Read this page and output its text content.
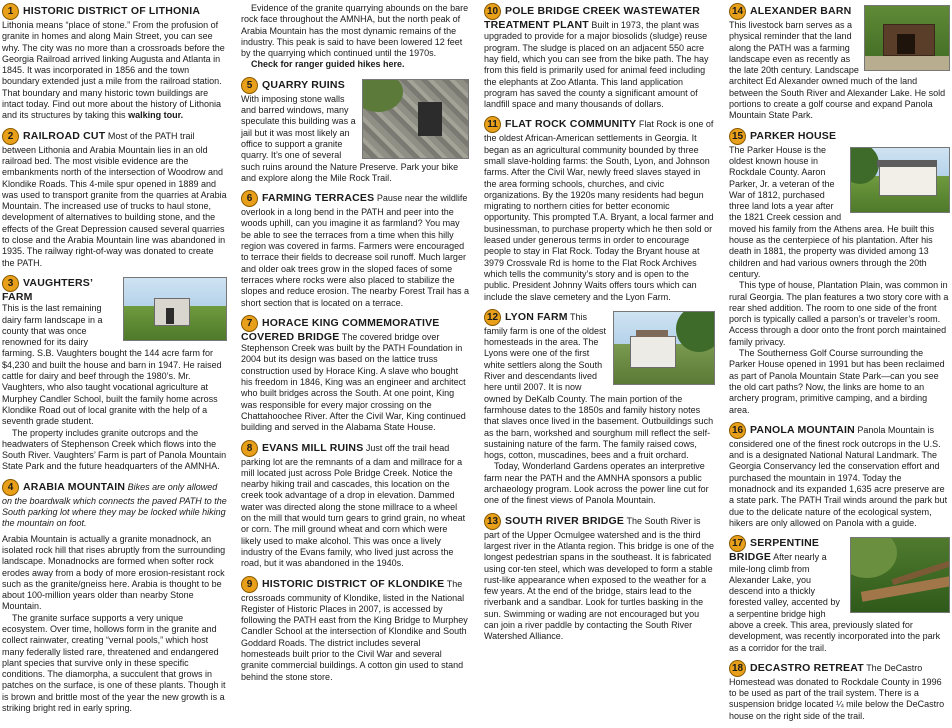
1 HISTORIC DISTRICT OF LITHONIA Lithonia means “place of stone.” From the profusion of granite in homes and along Main Street, you can see why. The city was no more than a crossroads before the Georgia Railroad arrived linking Augusta and Atlanta in 1845. It was incorporated in 1856 and the town boundary extended just a mile from the railroad station. That boundary and many historic town buildings are intact today. Find out more about the history of Lithonia and its structures by taking this walking tour.

2 RAILROAD CUT Most of the PATH trail between Lithonia and Arabia Mountain lies in an old railroad bed. The most visible evidence are the embankments north of the intersection of Woodrow and Klondike Roads. This 4-mile spur opened in 1889 and was used to transport granite from the quarries at Arabia Mountain. The increased use of trucks to haul stone, development of alternatives to building stone, and the effects of the Great Depression caused several quarries to close and the Arabia Mountain line was abandoned in 1935. The railway right-of-way was donated to create the PATH.

3 VAUGHTERS’ FARM
This is the last remaining dairy farm landscape in a county that was once renowned for its dairy farming. S.B. Vaughters bought the 144 acre farm for $4,230 and built the house and barn in 1947. He raised cattle for dairy and beef through the 1980’s. Mr. Vaughters, who also taught vocational agriculture at Murphey Candler School, built the family home across Klondike Road out of local granite with the help of a seventh grade student.

The property includes granite outcrops and the headwaters of Stephenson Creek which flows into the South River. Vaughters’ Farm is part of Panola Mountain State Park and the future headquarters of the AMNHA.

4 ARABIA MOUNTAIN Bikes are only allowed on the boardwalk which connects the paved PATH to the South parking lot where they may be locked while hiking the mountain on foot.

Arabia Mountain is actually a granite monadnock, an isolated rock hill that rises abruptly from the surrounding landscape. Monadnocks are formed when softer rock erodes away from a body of more erosion-resistant rock such as the granite/gneiss here. Arabia is thought to be about 100-million years older than nearby Stone Mountain.

The granite surface supports a very unique ecosystem. Over time, hollows form in the granite and collect rainwater, creating “vernal pools,” which host many federally listed rare, threatened and endangered plant species that survive only in these specific conditions. The diamorpha, a succulent that grows in patches on the surface, is one of these plants. Though it is brown and brittle most of the year the new growth is a striking bright red in early spring.

Evidence of the granite quarrying abounds on the bare rock face throughout the AMNHA, but the north peak of Arabia Mountain has the most dynamic remains of the industry. This peak is said to have been lowered 12 feet by the quarrying which continued until the 1970s.

Check for ranger guided hikes here.

5 QUARRY RUINS With imposing stone walls and barred windows, many speculate this building was a jail but it was most likely an office to support a granite quarry. It’s one of several such ruins around the Nature Preserve. Park your bike and explore along the Mile Rock Trail.

6 FARMING TERRACES Pause near the wildlife overlook in a long bend in the PATH and peer into the woods uphill, can you imagine it as farmland? You may be able to see the terraces from a time when this hilly region was covered in farms. Farmers were encouraged to terrace their fields to decrease soil runoff. Much larger and older oak trees grow in the sloped faces of some terraces where rocks were also placed to stabilize the slopes and reduce erosion. The nearby Forest Trail has a short section that is located on a terrace.

7 HORACE KING COMMEMORATIVE COVERED BRIDGE The covered bridge over Stephenson Creek was built by the PATH Foundation in 2004 but its design was based on the lattice truss construction used by Horace King. A slave who bought his freedom in 1846, King was an engineer and architect who built bridges across the South. At one point, King was responsible for every major crossing on the Chattahoochee River. After the Civil War, King continued building and served in the Alabama State House.

8 EVANS MILL RUINS Just off the trail head parking lot are the remnants of a dam and millrace for a mill located just across Pole Bridge Creek. Notice the nearby hiking trail and cascades, this location on the creek took advantage of a drop in elevation. Dammed water was directed along the stone millrace to a wheel on the mill that would turn gears to grind grain, no wheat or corn. The mill ground wheat and corn which were likely used to make alcohol. This was once a lively industry of the Evans family, who lived just across the road, but it was abandoned in the 1940s.

9 HISTORIC DISTRICT OF KLONDIKE The crossroads community of Klondike, listed in the National Register of Historic Places in 2007, is accessed by following the PATH east from the King Bridge to Murphey Candler School at the intersection of Klondike and South Goddard Roads. The district includes several homesteads built prior to the Civil War and several granite commercial buildings. A cotton gin used to stand behind the stone store.

10 POLE BRIDGE CREEK WASTEWATER TREATMENT PLANT Built in 1973, the plant was upgraded to provide for a major biosolids (sludge) reuse program. The sludge is placed on an adjacent 550 acre hay field, which you can see from the bike path. The hay from this field is primarily used for animal feed including the elephants at Zoo Atlanta. This land application program has saved the county a significant amount of landfill space and many thousands of dollars.

11 FLAT ROCK COMMUNITY Flat Rock is one of the oldest African-American settlements in Georgia. It began as an agricultural community bounded by three small slave-holding farms: the South, Lyon, and Johnson farms. After the Civil War, newly freed slaves stayed in the area forming schools, churches, and civic organizations. By the 1920s many residents had begun migrating to northern cities for better economic opportunity. This prompted T.A. Bryant, a local farmer and businessman, to purchase property which he then sold or leased under generous terms in order to encourage people to stay in Flat Rock. Today the Bryant house at 3979 Crossvale Rd is home to the Flat Rock Archives which tells the community’s story and is open to the public. President Johnny Waits offers tours which can include the slave cemetery and the Lyon Farm.

12 LYON FARM This family farm is one of the oldest homesteads in the area. The Lyons were one of the first white settlers along the South River and descendants lived here until 2007. It is now owned by DeKalb County. The main portion of the farmhouse dates to the 1850s and family history notes that slaves once lived in the basement. Outbuildings such as the barn, workshed and sourghum mill reflect the self-sustaining nature of the farm. The family raised cows, hogs, cotton, muscadines, bees and a fruit orchard.

Today, Wonderland Gardens operates an interpretive farm near the PATH and the AMNHA sponsors a public archaeology program. Look across the power line cut for one of the finest views of Panola Mountain.

13 SOUTH RIVER BRIDGE The South River is part of the Upper Ocmulgee watershed and is the third largest river in the Atlanta region. This bridge is one of the longest pedestrian spans in the southeast. It is fabricated using cor-ten steel, which was developed to form a stable rust-like appearance when exposed to the weather for a few years. At the end of the bridge, stairs lead to the riverbank and a sandbar. Look for turtles basking in the sun. Swimming or wading are not encouraged but you can join a river paddle by contacting the South River Watershed Alliance.

14 ALEXANDER BARN
This livestock barn serves as a physical reminder that the land along the PATH was a farming landscape even as recently as the late 20th century. Landscape architect Ed Alexander owned much of the land between the South River and Alexander Lake. He sold portions to create a golf course and expand Panola Mountain State Park.

15 PARKER HOUSE

The Parker House is the oldest known house in Rockdale County. Aaron Parker, Jr. a veteran of the War of 1812, purchased three land lots a year after the 1821 Creek cession and moved his family from the Athens area. He built this house as the centerpiece of his plantation. After his death in 1881, the property was divided among 13 children and had various owners through the 20th century.

This type of house, Plantation Plain, was common in rural Georgia. The plan features a two story core with a rear shed addition. The room to one side of the front porch is typically called a parson’s or traveler’s room. Access through a door onto the front porch maintained family privacy.

The Southerness Golf Course surrounding the Parker House opened in 1991 but has been reclaimed as part of Panola Mountain State Park—can you see the old cart paths? Now, the links are home to an archery program, primitive camping, and a birding area.

16 PANOLA MOUNTAIN Panola Mountain is considered one of the finest rock outcrops in the U.S. and is a designated National Natural Landmark. The Georgia Conservancy led the conservation effort and purchased the mountain in 1974. Today the monadnock and its expanded 1,635 acre preserve are a state park. The PATH Trail winds around the park but due to the delicate nature of the ecological system, hikers are only allowed on Panola with a guide.

17 SERPENTINE BRIDGE After nearly a mile-long climb from Alexander Lake, you descend into a thickly forested valley, accented by a serpentine bridge high above a creek. This area, previously slated for development, was recently incorporated into the park as a corridor for the trail.

18 DECASTRO RETREAT The DeCastro Homestead was donated to Rockdale County in 1996 to be used as part of the trail system. There is a suspension bridge located ¼ mile below the DeCastro house on the right side of the trail.
